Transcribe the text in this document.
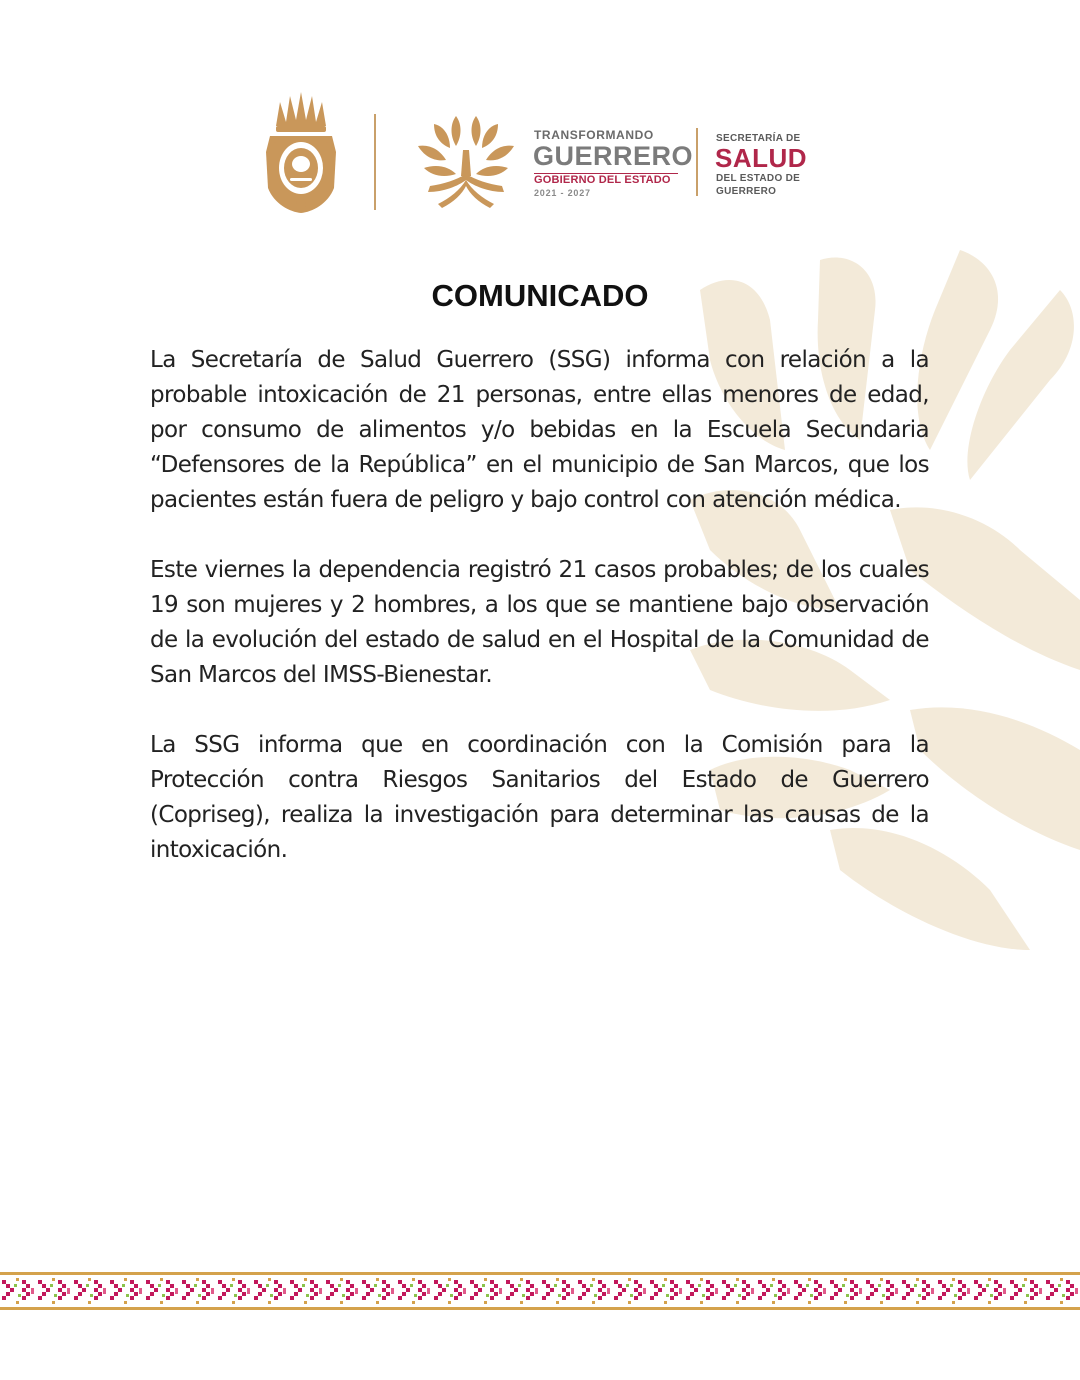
TRANSFORMANDO
GUERRERO
GOBIERNO DEL ESTADO
2021 - 2027
SECRETARÍA DE
SALUD
DEL ESTADO DE
GUERRERO
COMUNICADO

La Secretaría de Salud Guerrero (SSG) informa con relación a la probable intoxicación de 21 personas, entre ellas menores de edad, por consumo de alimentos y/o bebidas en la Escuela Secundaria “Defensores de la República” en el municipio de San Marcos, que los pacientes están fuera de peligro y bajo control con atención médica.

Este viernes la dependencia registró 21 casos probables; de los cuales 19 son mujeres y 2 hombres, a los que se mantiene bajo observación de la evolución del estado de salud en el Hospital de la Comunidad de San Marcos del IMSS-Bienestar.

La SSG informa que en coordinación con la Comisión para la Protección contra Riesgos Sanitarios del Estado de Guerrero (Copriseg), realiza la investigación para determinar las causas de la intoxicación.
